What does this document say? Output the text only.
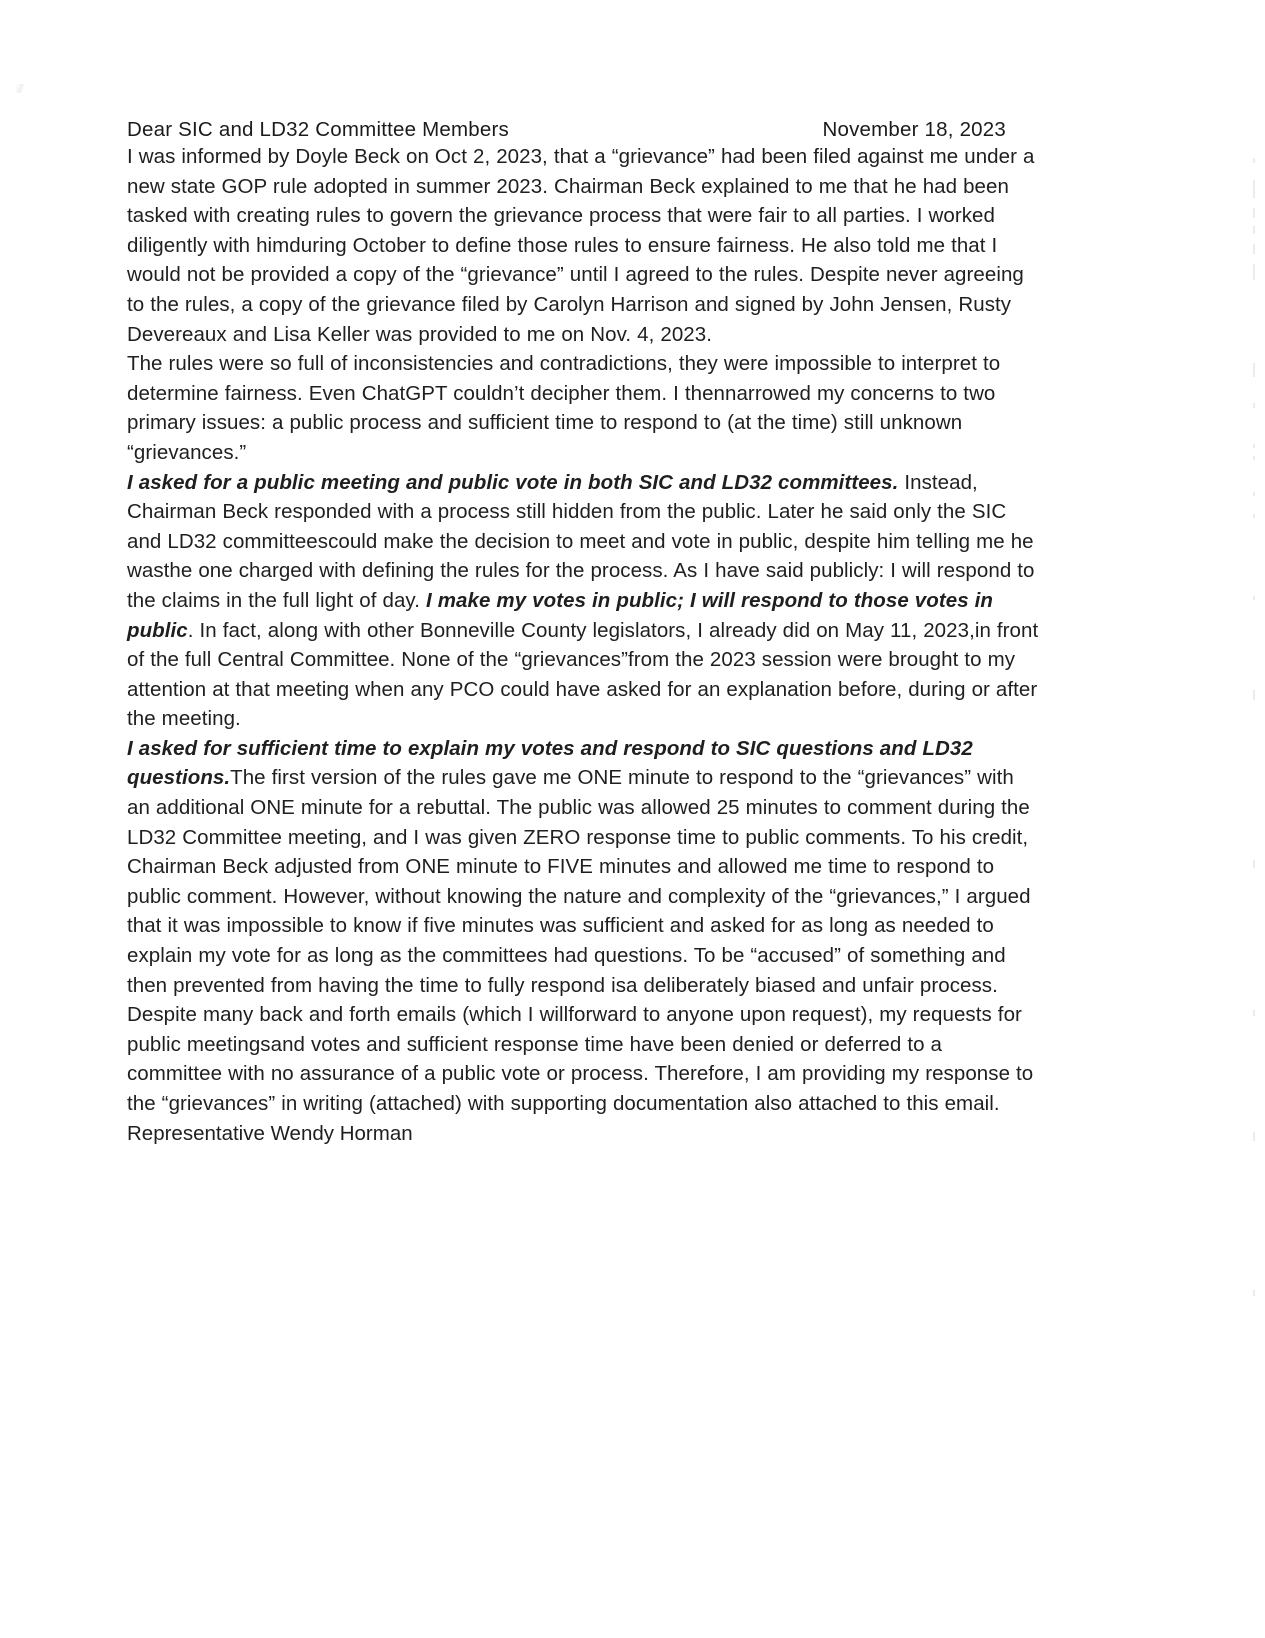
Dear SIC and LD32 Committee Members	November 18, 2023

I was informed by Doyle Beck on Oct 2, 2023, that a “grievance” had been filed against me under a new state GOP rule adopted in summer 2023. Chairman Beck explained to me that he had been tasked with creating rules to govern the grievance process that were fair to all parties. I worked diligently with himduring October to define those rules to ensure fairness. He also told me that I would not be provided a copy of the “grievance” until I agreed to the rules. Despite never agreeing to the rules, a copy of the grievance filed by Carolyn Harrison and signed by John Jensen, Rusty Devereaux and Lisa Keller was provided to me on Nov. 4, 2023.

The rules were so full of inconsistencies and contradictions, they were impossible to interpret to determine fairness. Even ChatGPT couldn’t decipher them. I thennarrowed my concerns to two primary issues: a public process and sufficient time to respond to (at the time) still unknown “grievances.”

I asked for a public meeting and public vote in both SIC and LD32 committees. Instead, Chairman Beck responded with a process still hidden from the public. Later he said only the SIC and LD32 committeescould make the decision to meet and vote in public, despite him telling me he wasthe one charged with defining the rules for the process. As I have said publicly: I will respond to the claims in the full light of day. I make my votes in public; I will respond to those votes in public. In fact, along with other Bonneville County legislators, I already did on May 11, 2023,in front of the full Central Committee. None of the “grievances”from the 2023 session were brought to my attention at that meeting when any PCO could have asked for an explanation before, during or after the meeting.

I asked for sufficient time to explain my votes and respond to SIC questions and LD32 questions.The first version of the rules gave me ONE minute to respond to the “grievances” with an additional ONE minute for a rebuttal. The public was allowed 25 minutes to comment during the LD32 Committee meeting, and I was given ZERO response time to public comments. To his credit, Chairman Beck adjusted from ONE minute to FIVE minutes and allowed me time to respond to public comment. However, without knowing the nature and complexity of the “grievances,” I argued that it was impossible to know if five minutes was sufficient and asked for as long as needed to explain my vote for as long as the committees had questions. To be “accused” of something and then prevented from having the time to fully respond isa deliberately biased and unfair process.

Despite many back and forth emails (which I willforward to anyone upon request), my requests for public meetingsand votes and sufficient response time have been denied or deferred to a committee with no assurance of a public vote or process. Therefore, I am providing my response to the “grievances” in writing (attached) with supporting documentation also attached to this email.

Representative Wendy Horman
